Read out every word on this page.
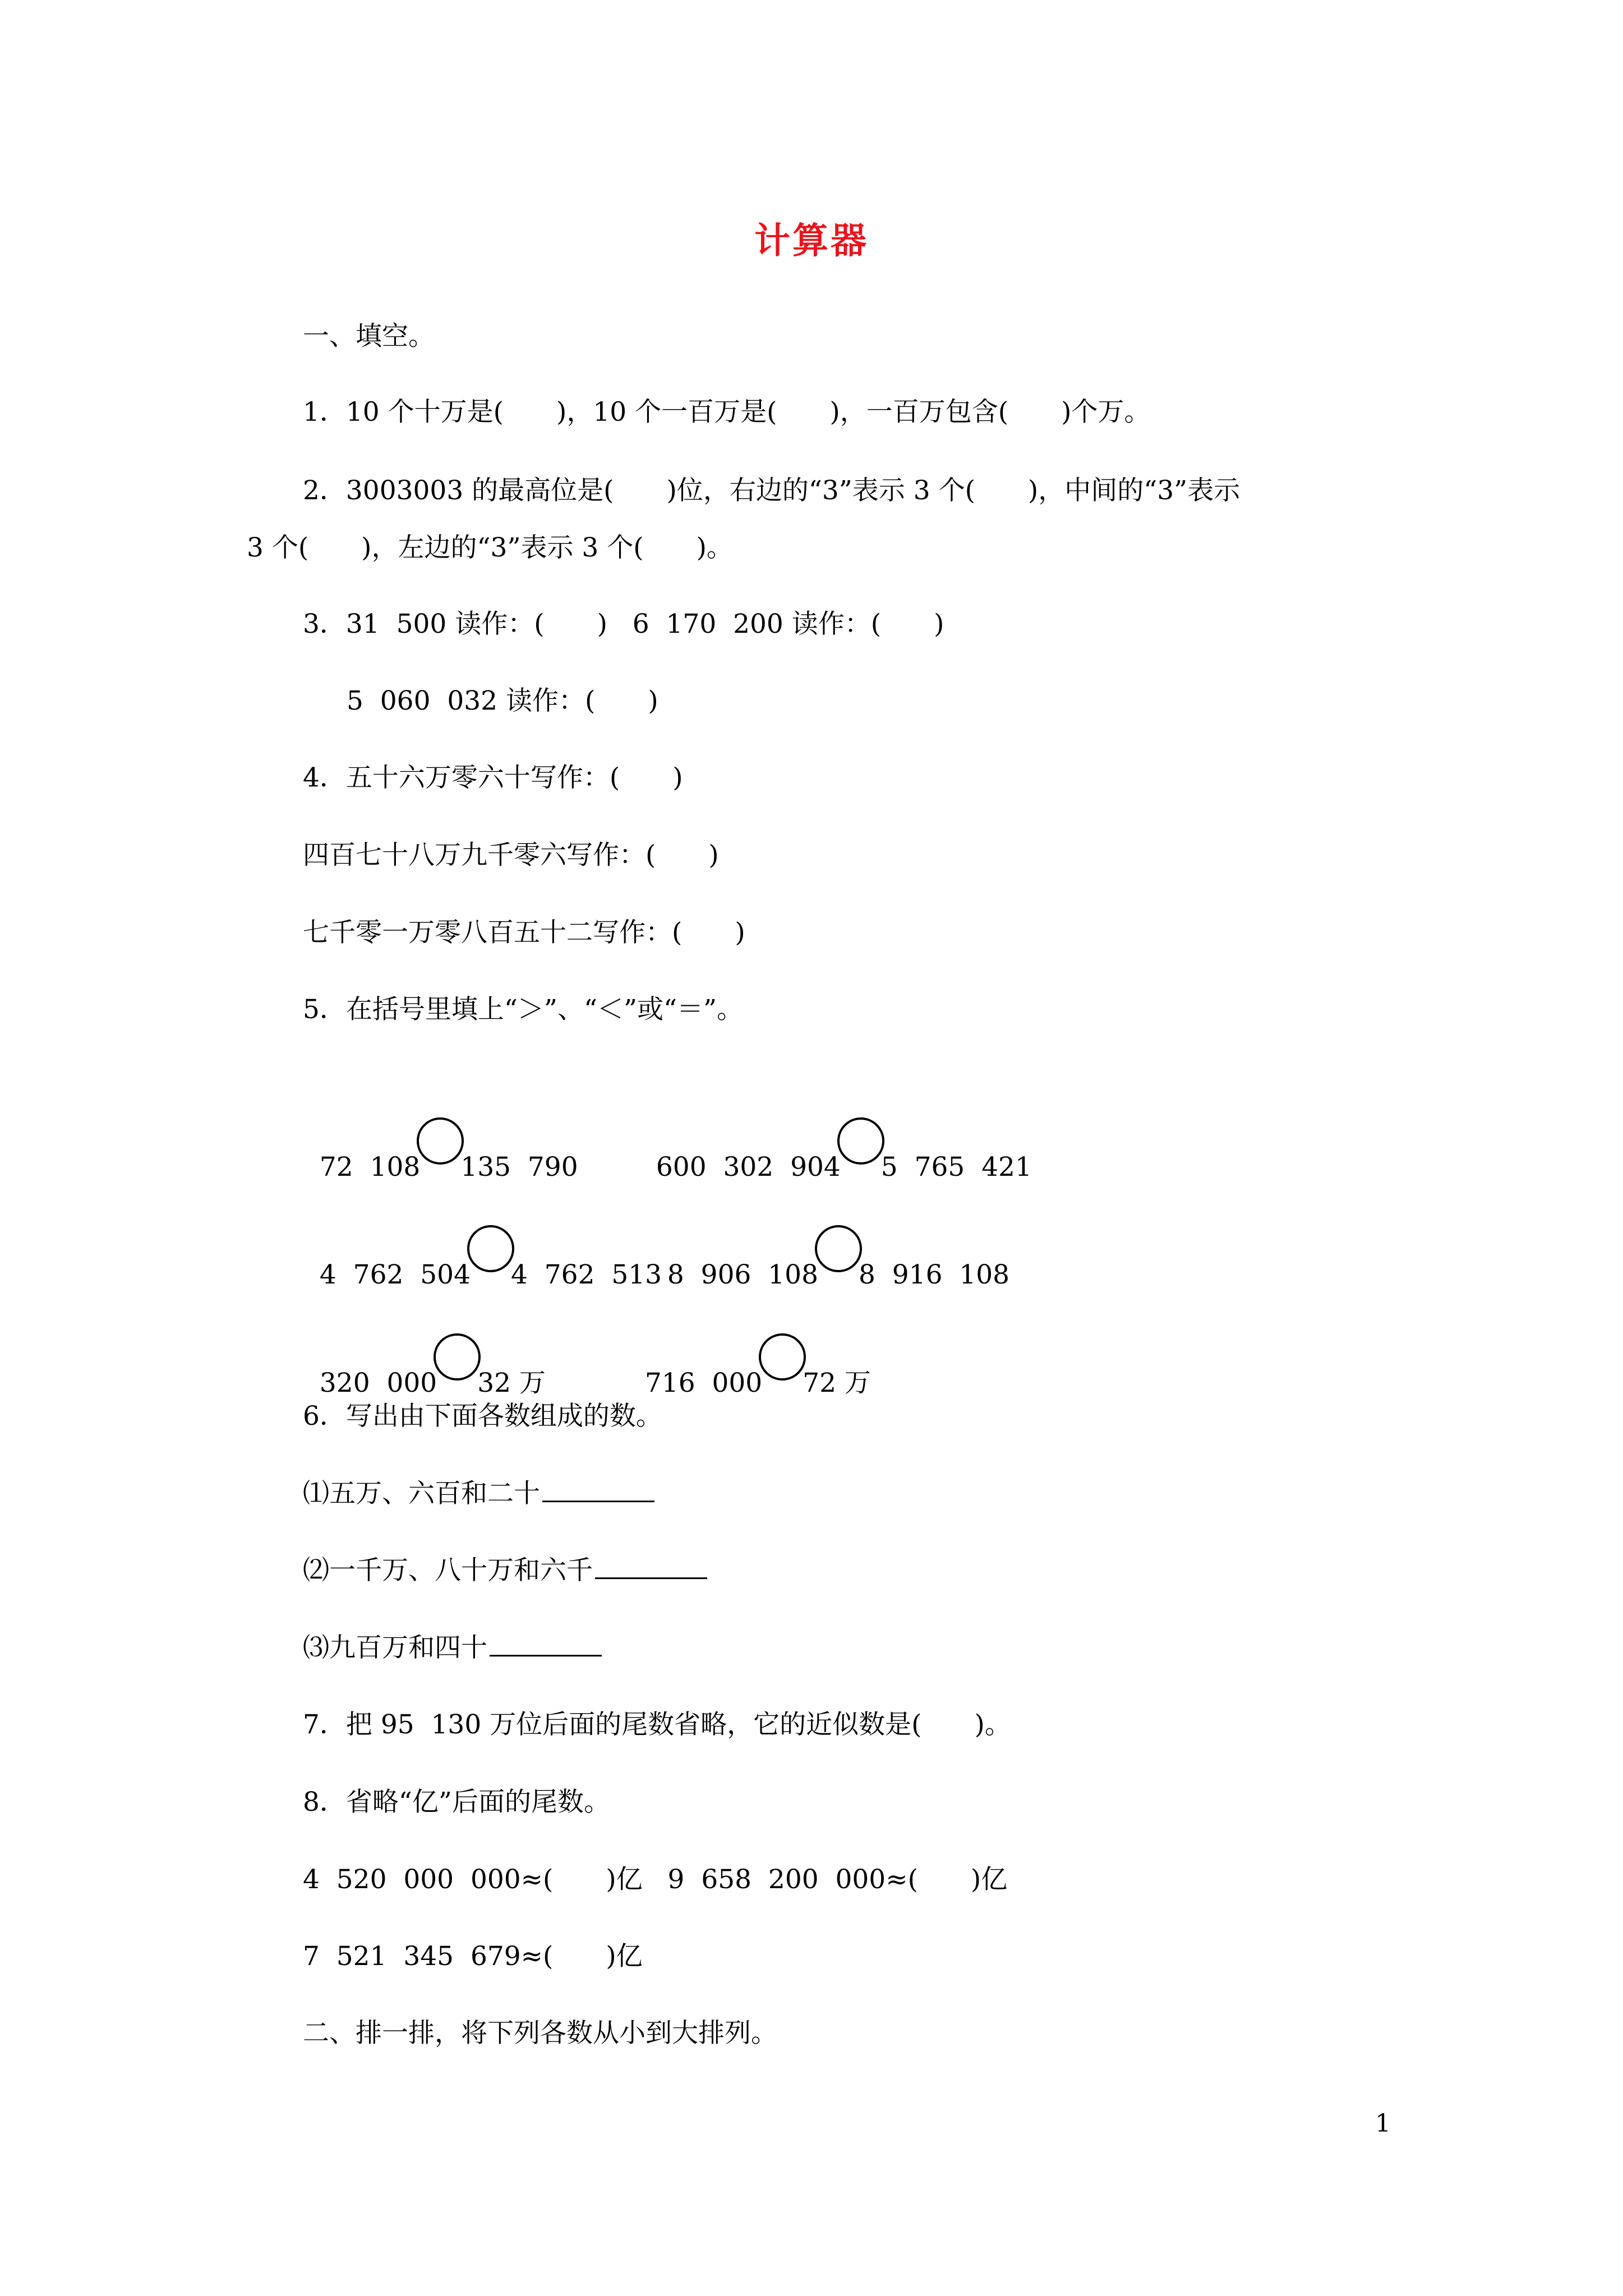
计算器
一、填空。
1．10 个十万是(　　)，10 个一百万是(　　)，一百万包含(　　)个万。
2．3003003 的最高位是(　　)位，右边的“3”表示 3 个(　　)，中间的“3”表示
3 个(　　)，左边的“3”表示 3 个(　　)。
3．31  500 读作：(　　)   6  170  200 读作：(　　)
5  060  032 读作：(　　)
4．五十六万零六十写作：(　　)
四百七十八万九千零六写作：(　　)
七千零一万零八百五十二写作：(　　)
5．在括号里填上“＞”、“＜”或“＝”。

72  108 135  790	600  302  904 5  765  421

4  762  504 4  762  513 8  906  108 8  916  108

320  000 32 万	716  000 72 万

6．写出由下面各数组成的数。
⑴五万、六百和二十
⑵一千万、八十万和六千
⑶九百万和四十
7．把 95  130 万位后面的尾数省略，它的近似数是(　　)。
8．省略“亿”后面的尾数。
4  520  000  000≈(　　)亿   9  658  200  000≈(　　)亿
7  521  345  679≈(　　)亿
二、排一排，将下列各数从小到大排列。
1
